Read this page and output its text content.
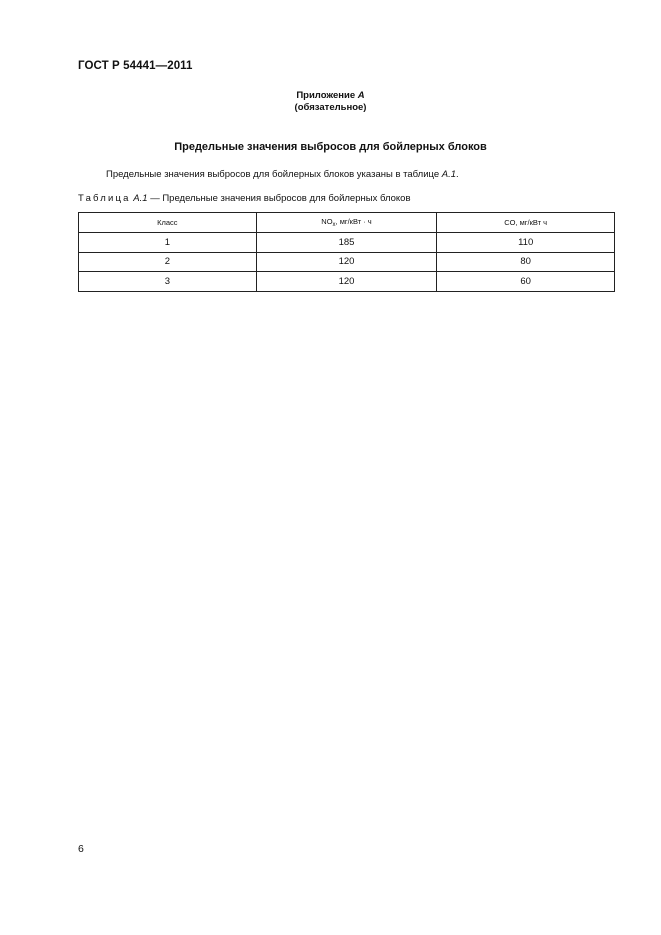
ГОСТ Р 54441—2011
Приложение А
(обязательное)
Предельные значения выбросов для бойлерных блоков
Предельные значения выбросов для бойлерных блоков указаны в таблице А.1.
Таблица А.1 — Предельные значения выбросов для бойлерных блоков
Класс	$NO_x$, мг/кВт · ч	CO, мг/кВт ч
1	185	110
2	120	80
3	120	60
6
